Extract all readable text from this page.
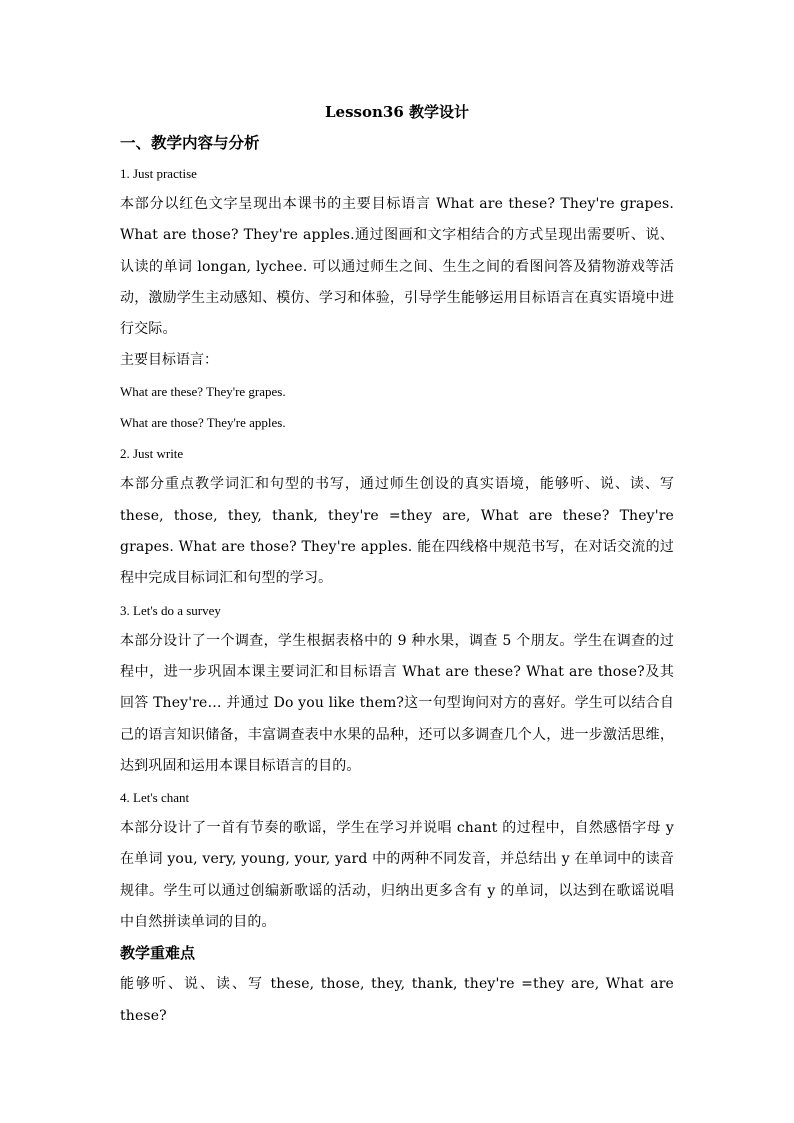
Lesson36 教学设计

一、教学内容与分析

1. Just practise

本部分以红色文字呈现出本课书的主要目标语言 What are these? They're grapes. What are those? They're apples.通过图画和文字相结合的方式呈现出需要听、说、认读的单词 longan, lychee. 可以通过师生之间、生生之间的看图问答及猜物游戏等活动，激励学生主动感知、模仿、学习和体验，引导学生能够运用目标语言在真实语境中进行交际。

主要目标语言：

What are these? They're grapes.

What are those? They're apples.

2. Just write

本部分重点教学词汇和句型的书写，通过师生创设的真实语境，能够听、说、读、写 these, those, they, thank, they're =they are, What are these? They're grapes. What are those? They're apples. 能在四线格中规范书写，在对话交流的过程中完成目标词汇和句型的学习。

3. Let's do a survey

本部分设计了一个调查，学生根据表格中的 9 种水果，调查 5 个朋友。学生在调查的过程中，进一步巩固本课主要词汇和目标语言 What are these? What are those?及其回答 They're… 并通过 Do you like them?这一句型询问对方的喜好。学生可以结合自己的语言知识储备，丰富调查表中水果的品种，还可以多调查几个人，进一步激活思维，达到巩固和运用本课目标语言的目的。

4. Let's chant

本部分设计了一首有节奏的歌谣，学生在学习并说唱 chant 的过程中，自然感悟字母 y 在单词 you, very, young, your, yard 中的两种不同发音，并总结出 y 在单词中的读音规律。学生可以通过创编新歌谣的活动，归纳出更多含有 y 的单词，以达到在歌谣说唱中自然拼读单词的目的。

教学重难点

能够听、说、读、写 these, those, they, thank, they're =they are, What are these?
